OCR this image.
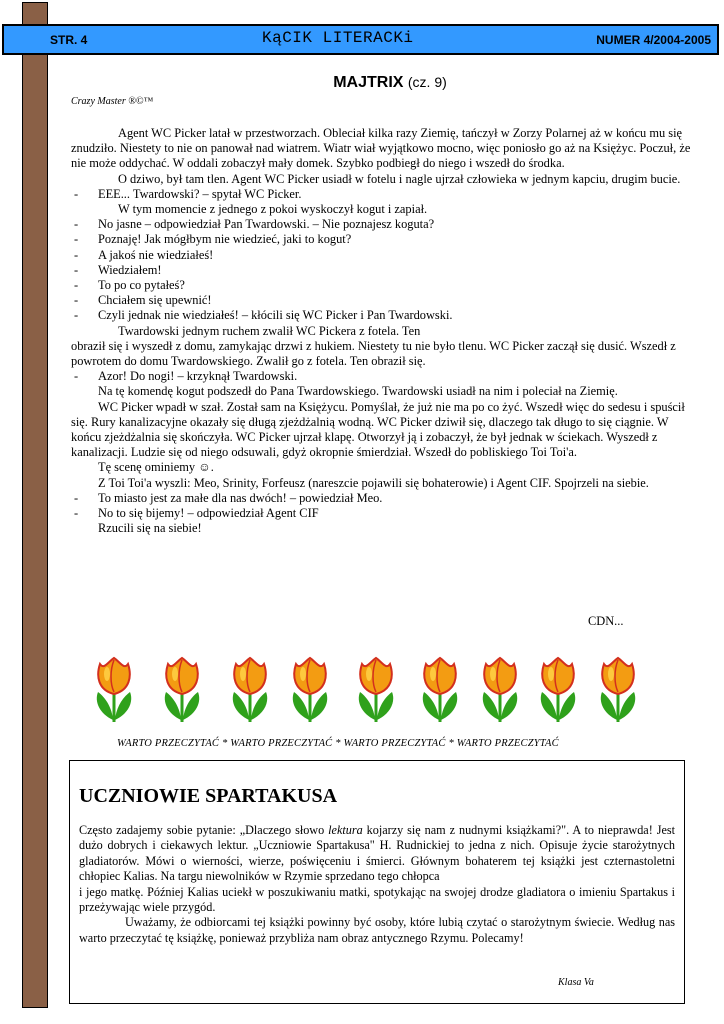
STR. 4	KąCIK LITERACKi	NUMER 4/2004-2005
MAJTRIX (cz. 9)
Crazy Master ®©™

Agent WC Picker latał w przestworzach. Obleciał kilka razy Ziemię, tańczył w Zorzy Polarnej aż w końcu mu się znudziło. Niestety to nie on panował nad wiatrem. Wiatr wiał wyjątkowo mocno, więc poniosło go aż na Księżyc. Poczuł, że nie może oddychać. W oddali zobaczył mały domek. Szybko podbiegł do niego i wszedł do środka.

O dziwo, był tam tlen. Agent WC Picker usiadł w fotelu i nagle ujrzał człowieka w jednym kapciu, drugim bucie.

- EEE... Twardowski? – spytał WC Picker.

W tym momencie z jednego z pokoi wyskoczył kogut i zapiał.

- No jasne – odpowiedział Pan Twardowski. – Nie poznajesz koguta?

- Poznaję! Jak mógłbym nie wiedzieć, jaki to kogut?

- A jakoś nie wiedziałeś!

- Wiedziałem!

- To po co pytałeś?

- Chciałem się upewnić!

- Czyli jednak nie wiedziałeś! – kłócili się WC Picker i Pan Twardowski.

Twardowski jednym ruchem zwalił WC Pickera z fotela. Ten

obraził się i wyszedł z domu, zamykając drzwi z hukiem. Niestety tu nie było tlenu. WC Picker zaczął się dusić. Wszedł z powrotem do domu Twardowskiego. Zwalił go z fotela. Ten obraził się.

- Azor! Do nogi! – krzyknął Twardowski.

Na tę komendę kogut podszedł do Pana Twardowskiego. Twardowski usiadł na nim i poleciał na Ziemię.

WC Picker wpadł w szał. Został sam na Księżycu. Pomyślał, że już nie ma po co żyć. Wszedł więc do sedesu i spuścił się. Rury kanalizacyjne okazały się długą zjeżdżalnią wodną. WC Picker dziwił się, dlaczego tak długo to się ciągnie. W końcu zjeżdżalnia się skończyła. WC Picker ujrzał klapę. Otworzył ją i zobaczył, że był jednak w ściekach. Wyszedł z kanalizacji. Ludzie się od niego odsuwali, gdyż okropnie śmierdział. Wszedł do pobliskiego Toi Toi'a.

Tę scenę ominiemy ☺.

Z Toi Toi'a wyszli: Meo, Srinity, Forfeusz (nareszcie pojawili się bohaterowie) i Agent CIF. Spojrzeli na siebie.

- To miasto jest za małe dla nas dwóch! – powiedział Meo.

- No to się bijemy! – odpowiedział Agent CIF

Rzucili się na siebie!

CDN...
WARTO PRZECZYTAĆ * WARTO PRZECZYTAĆ * WARTO PRZECZYTAĆ * WARTO PRZECZYTAĆ
UCZNIOWIE SPARTAKUSA

Często zadajemy sobie pytanie: „Dlaczego słowo lektura kojarzy się nam z nudnymi książkami?". A to nieprawda! Jest dużo dobrych i ciekawych lektur. „Uczniowie Spartakusa" H. Rudnickiej to jedna z nich. Opisuje życie starożytnych gladiatorów. Mówi o wierności, wierze, poświęceniu i śmierci. Głównym bohaterem tej książki jest czternastoletni chłopiec Kalias. Na targu niewolników w Rzymie sprzedano tego chłopca

i jego matkę. Później Kalias uciekł w poszukiwaniu matki, spotykając na swojej drodze gladiatora o imieniu Spartakus i przeżywając wiele przygód.

Uważamy, że odbiorcami tej książki powinny być osoby, które lubią czytać o starożytnym świecie. Według nas warto przeczytać tę książkę, ponieważ przybliża nam obraz antycznego Rzymu. Polecamy!

Klasa Va
